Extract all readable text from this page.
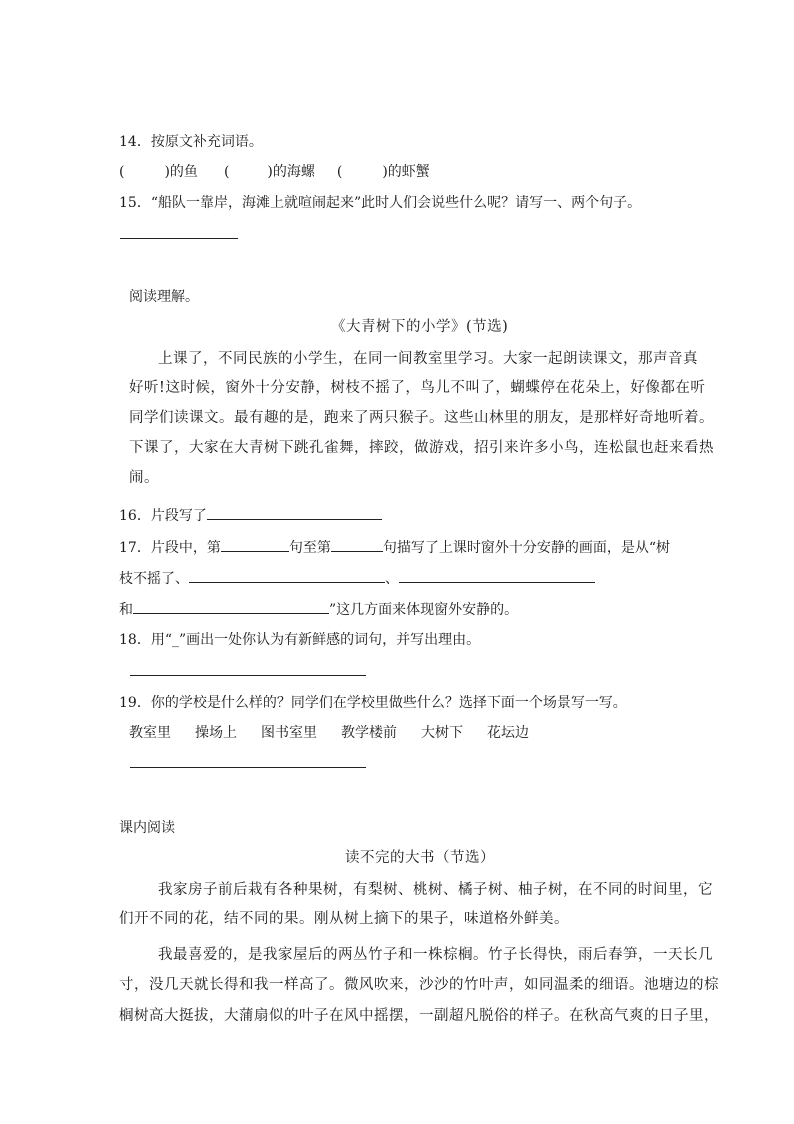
14．按原文补充词语。
(	)的鱼 (	)的海螺 (	)的虾蟹
15．“船队一靠岸，海滩上就喧闹起来”此时人们会说些什么呢？请写一、两个句子。
阅读理解。
《大青树下的小学》(节选)
上课了，不同民族的小学生，在同一间教室里学习。大家一起朗读课文，那声音真
好听!这时候，窗外十分安静，树枝不摇了，鸟儿不叫了，蝴蝶停在花朵上，好像都在听
同学们读课文。最有趣的是，跑来了两只猴子。这些山林里的朋友，是那样好奇地听着。
下课了，大家在大青树下跳孔雀舞，摔跤，做游戏，招引来许多小鸟，连松鼠也赶来看热
闹。
16．片段写了
17．片段中，第	句至第	句描写了上课时窗外十分安静的画面，是从“树
枝不摇了、	、
和	”这几方面来体现窗外安静的。
18．用“_”画出一处你认为有新鲜感的词句，并写出理由。
19．你的学校是什么样的？同学们在学校里做些什么？选择下面一个场景写一写。
教室里 操场上 图书室里 教学楼前 大树下 花坛边
课内阅读
读不完的大书（节选）
我家房子前后栽有各种果树，有梨树、桃树、橘子树、柚子树，在不同的时间里，它
们开不同的花，结不同的果。刚从树上摘下的果子，味道格外鲜美。
我最喜爱的，是我家屋后的两丛竹子和一株棕榈。竹子长得快，雨后春笋，一天长几
寸，没几天就长得和我一样高了。微风吹来，沙沙的竹叶声，如同温柔的细语。池塘边的棕
榈树高大挺拔，大蒲扇似的叶子在风中摇摆，一副超凡脱俗的样子。在秋高气爽的日子里，
